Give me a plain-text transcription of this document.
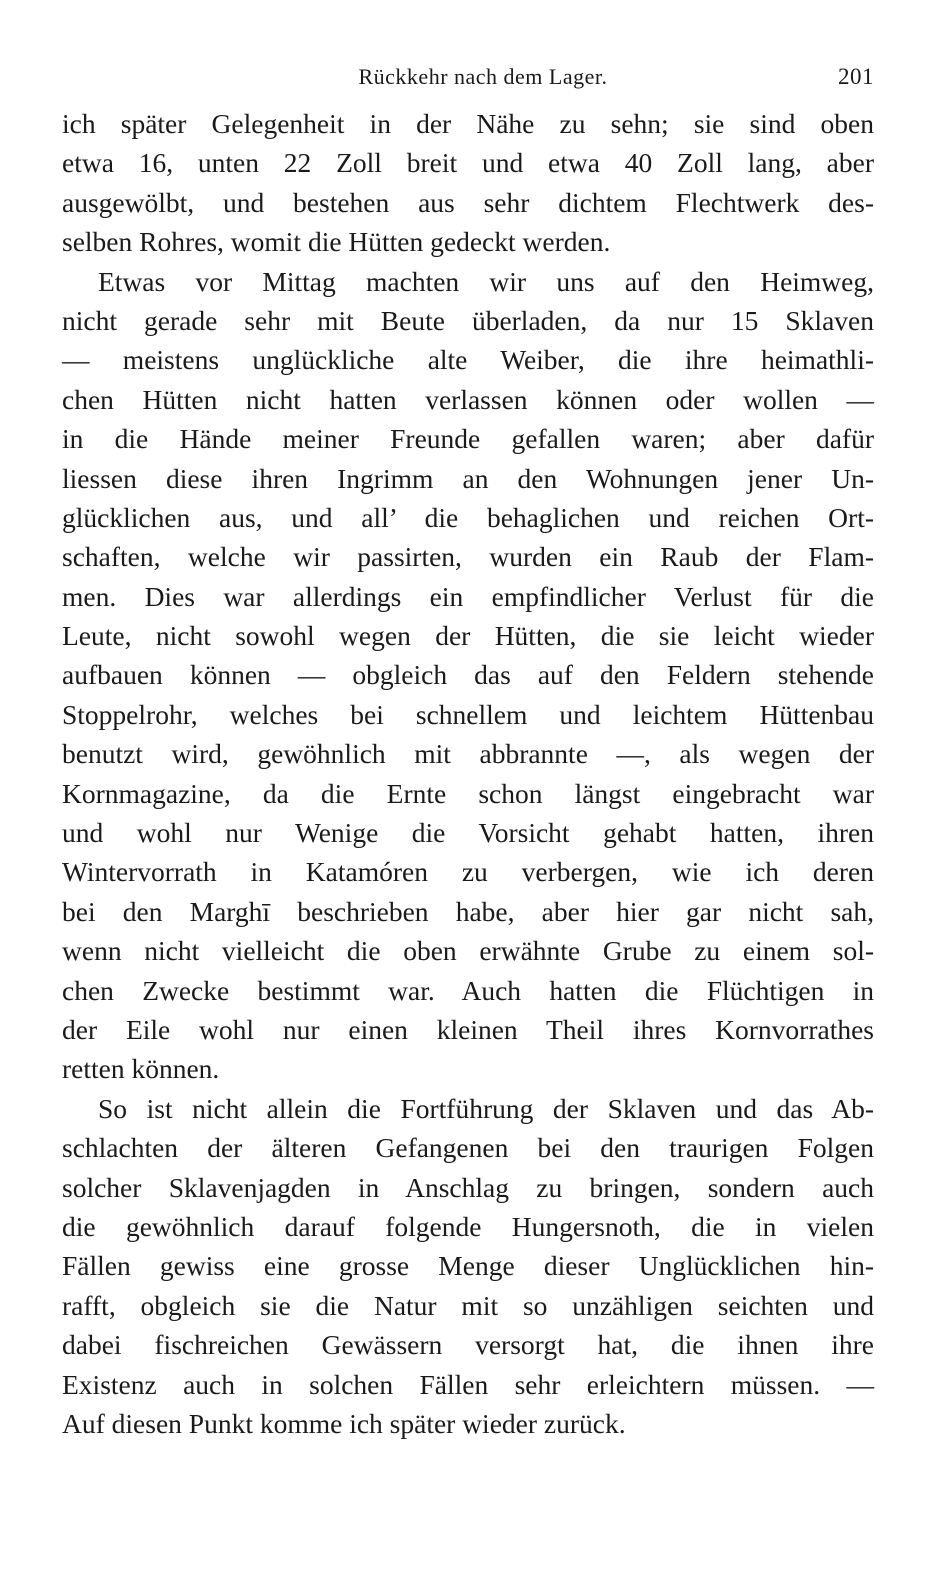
Rückkehr nach dem Lager.	201
ich später Gelegenheit in der Nähe zu sehn; sie sind oben
etwa 16, unten 22 Zoll breit und etwa 40 Zoll lang, aber
ausgewölbt, und bestehen aus sehr dichtem Flechtwerk des-
selben Rohres, womit die Hütten gedeckt werden.
Etwas vor Mittag machten wir uns auf den Heimweg,
nicht gerade sehr mit Beute überladen, da nur 15 Sklaven
— meistens unglückliche alte Weiber, die ihre heimathli-
chen Hütten nicht hatten verlassen können oder wollen —
in die Hände meiner Freunde gefallen waren; aber dafür
liessen diese ihren Ingrimm an den Wohnungen jener Un-
glücklichen aus, und all’ die behaglichen und reichen Ort-
schaften, welche wir passirten, wurden ein Raub der Flam-
men. Dies war allerdings ein empfindlicher Verlust für die
Leute, nicht sowohl wegen der Hütten, die sie leicht wieder
aufbauen können — obgleich das auf den Feldern stehende
Stoppelrohr, welches bei schnellem und leichtem Hüttenbau
benutzt wird, gewöhnlich mit abbrannte —, als wegen der
Kornmagazine, da die Ernte schon längst eingebracht war
und wohl nur Wenige die Vorsicht gehabt hatten, ihren
Wintervorrath in Katamóren zu verbergen, wie ich deren
bei den Marghī beschrieben habe, aber hier gar nicht sah,
wenn nicht vielleicht die oben erwähnte Grube zu einem sol-
chen Zwecke bestimmt war. Auch hatten die Flüchtigen in
der Eile wohl nur einen kleinen Theil ihres Kornvorrathes
retten können.
So ist nicht allein die Fortführung der Sklaven und das Ab-
schlachten der älteren Gefangenen bei den traurigen Folgen
solcher Sklavenjagden in Anschlag zu bringen, sondern auch
die gewöhnlich darauf folgende Hungersnoth, die in vielen
Fällen gewiss eine grosse Menge dieser Unglücklichen hin-
rafft, obgleich sie die Natur mit so unzähligen seichten und
dabei fischreichen Gewässern versorgt hat, die ihnen ihre
Existenz auch in solchen Fällen sehr erleichtern müssen. —
Auf diesen Punkt komme ich später wieder zurück.
